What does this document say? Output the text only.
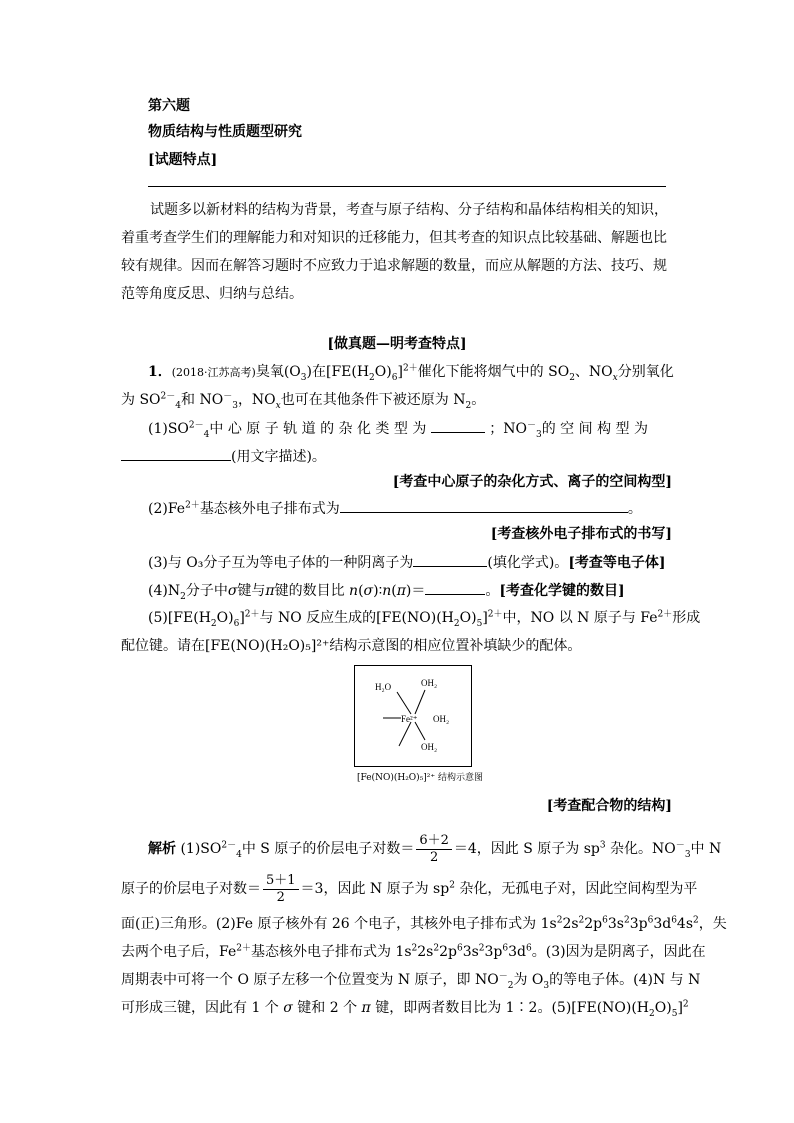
第六题
物质结构与性质题型研究
[试题特点]
试题多以新材料的结构为背景，考查与原子结构、分子结构和晶体结构相关的知识，
着重考查学生们的理解能力和对知识的迁移能力，但其考查的知识点比较基础、解题也比
较有规律。因而在解答习题时不应致力于追求解题的数量，而应从解题的方法、技巧、规
范等角度反思、归纳与总结。
[做真题—明考查特点]
1．(2018·江苏高考)臭氧$(O_3)$在$[FE(H_2O)_6]^{2+}$催化下能将烟气中的 $SO_2$、$NO_x$分别氧化
为 $SO^{2-}_4$和 $NO^-_3$，$NO_x$也可在其他条件下被还原为 $N_2$。
$(1)SO^{2-}_4$中 心 原 子 轨 道 的 杂 化 类 型 为	；$NO^-_3$的 空 间 构 型 为
(用文字描述)。
[考查中心原子的杂化方式、离子的空间构型]
$(2)Fe^{2+}$基态核外电子排布式为	。
[考查核外电子排布式的书写]
(3)与 O₃分子互为等电子体的一种阴离子为	(填化学式)。[考查等电子体]
$(4)N_2$分子中σ键与π键的数目比 n(σ)∶n(π)＝	。[考查化学键的数目]
$(5)[FE(H_2O)_6]^{2+}$与 NO 反应生成的$[FE(NO)(H_2O)_5]^{2+}$中，NO 以 N 原子与 $Fe^{2+}$形成
配位键。请在[FE(NO)(H₂O)₅]²⁺结构示意图的相应位置补填缺少的配体。
H₂O	OH₂
Fe²⁺ OH₂
OH₂
[Fe(NO)(H₂O)₅]²⁺ 结构示意图
[考查配合物的结构]
解析 $(1)SO^{2-}_4$中 S 原子的价层电子对数＝ $\frac{6+2}{2} =4$，因此 S 原子为 $sp^3$ 杂化。$NO^-_3$中 N
原子的价层电子对数＝ $\frac{5+1}{2} =3$，因此 N 原子为 $sp^2$ 杂化，无孤电子对，因此空间构型为平
面(正)三角形。(2)Fe 原子核外有 26 个电子，其核外电子排布式为 $1s^22s^22p^63s^23p^63d^64s^2$，失
去两个电子后，$Fe^{2+}$基态核外电子排布式为 $1s^22s^22p^63s^23p^63d^6$。(3)因为是阴离子，因此在
周期表中可将一个 O 原子左移一个位置变为 N 原子，即 $NO^-_2$为 $O_3$的等电子体。(4)N 与 N
可形成三键，因此有 1 个 σ 键和 2 个 π 键，即两者数目比为 1∶2。$(5)[FE(NO)(H_2O)_5]^2$
